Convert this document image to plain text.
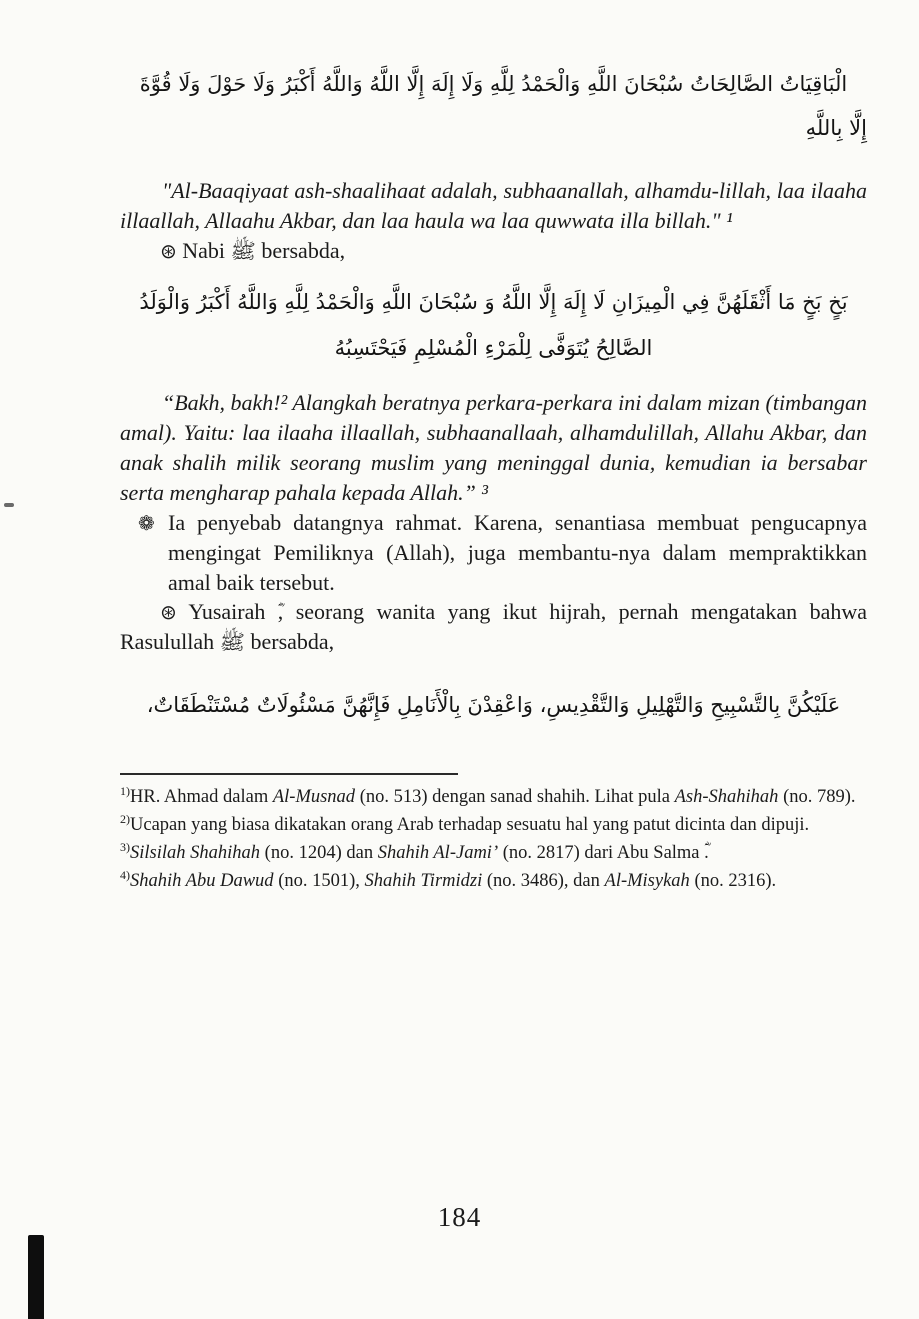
الْبَاقِيَاتُ الصَّالِحَاتُ سُبْحَانَ اللَّهِ وَالْحَمْدُ لِلَّهِ وَلَا إِلَهَ إِلَّا اللَّهُ وَاللَّهُ أَكْبَرُ وَلَا حَوْلَ وَلَا قُوَّةَ

إِلَّا بِاللَّهِ

"Al-Baaqiyaat ash-shaalihaat adalah, subhaanallah, alhamdu-lillah, laa ilaaha illaallah, Allaahu Akbar, dan laa haula wa laa quwwata illa billah." ¹

⊛ Nabi ﷺ bersabda,

بَخٍ بَخٍ مَا أَثْقَلَهُنَّ فِي الْمِيزَانِ لَا إِلَهَ إِلَّا اللَّهُ وَ سُبْحَانَ اللَّهِ وَالْحَمْدُ لِلَّهِ وَاللَّهُ أَكْبَرُ وَالْوَلَدُ

الصَّالِحُ يُتَوَفَّى لِلْمَرْءِ الْمُسْلِمِ فَيَحْتَسِبُهُ

“Bakh, bakh!² Alangkah beratnya perkara-perkara ini dalam mizan (timbangan amal). Yaitu: laa ilaaha illaallah, subhaanallaah, alhamdulillah, Allahu Akbar, dan anak shalih milik seorang muslim yang meninggal dunia, kemudian ia bersabar serta mengharap pahala kepada Allah.” ³

❁ Ia penyebab datangnya rahmat. Karena, senantiasa membuat pengucapnya mengingat Pemiliknya (Allah), juga membantu-nya dalam mempraktikkan amal baik tersebut.

⊛ Yusairah , seorang wanita yang ikut hijrah, pernah mengatakan bahwa Rasulullah ﷺ bersabda,

عَلَيْكُنَّ بِالتَّسْبِيحِ وَالتَّهْلِيلِ وَالتَّقْدِيسِ، وَاعْقِدْنَ بِالْأَنَامِلِ فَإِنَّهُنَّ مَسْئُولَاتٌ مُسْتَنْطَقَاتٌ،

$^{1)}$HR. Ahmad dalam Al-Musnad (no. 513) dengan sanad shahih. Lihat pula Ash-Shahihah (no. 789).
$^{2)}$Ucapan yang biasa dikatakan orang Arab terhadap sesuatu hal yang patut dicinta dan dipuji.
$^{3)}$Silsilah Shahihah (no. 1204) dan Shahih Al-Jami’ (no. 2817) dari Abu Salma ؓ.
$^{4)}$Shahih Abu Dawud (no. 1501), Shahih Tirmidzi (no. 3486), dan Al-Misykah (no. 2316).
184
